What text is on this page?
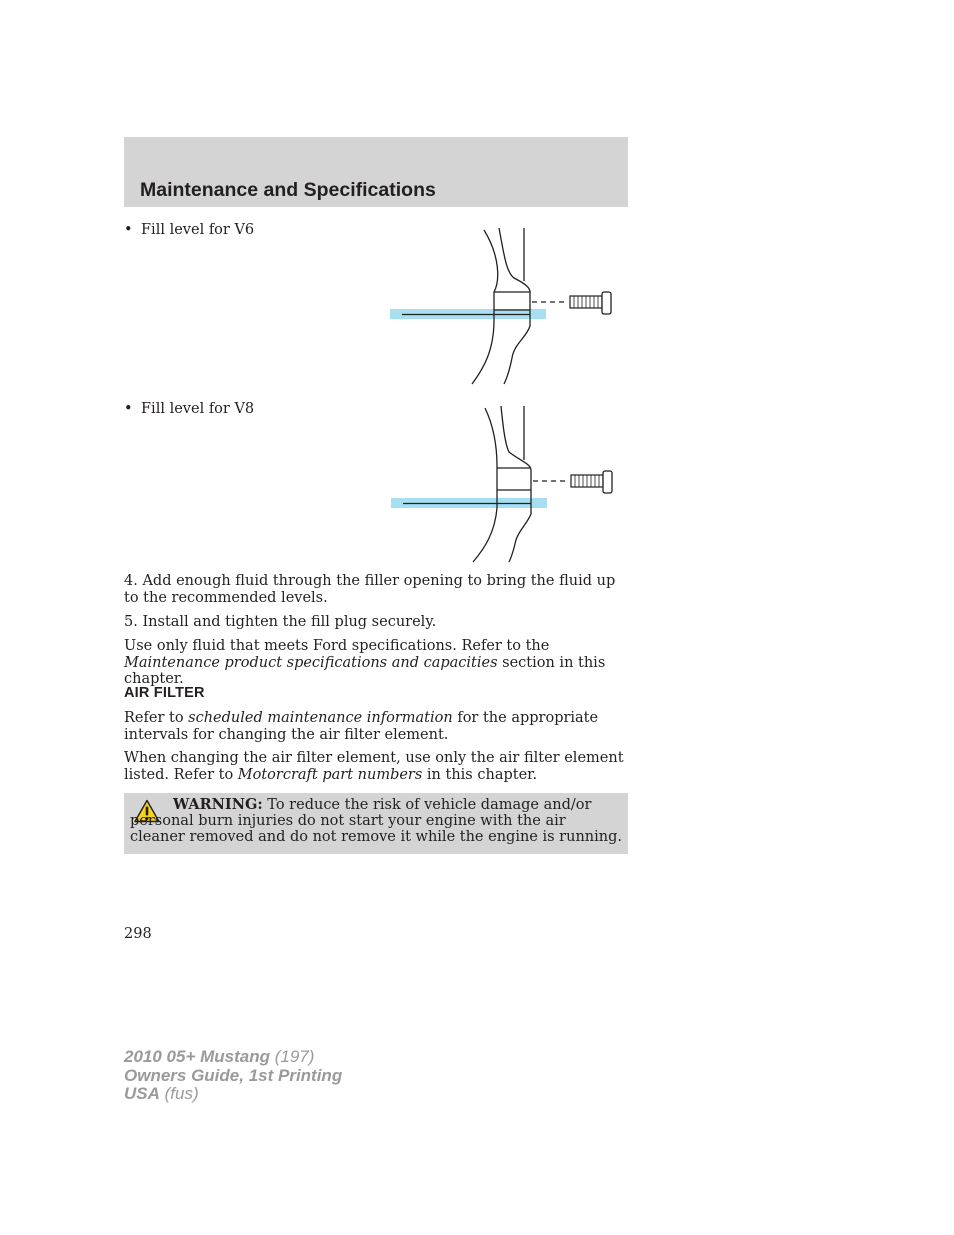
Maintenance and Specifications
• Fill level for V6
• Fill level for V8

4. Add enough fluid through the filler opening to bring the fluid up to the recommended levels.

5. Install and tighten the fill plug securely.

Use only fluid that meets Ford specifications. Refer to the Maintenance product specifications and capacities section in this chapter.

AIR FILTER

Refer to scheduled maintenance information for the appropriate intervals for changing the air filter element.

When changing the air filter element, use only the air filter element listed. Refer to Motorcraft part numbers in this chapter.

WARNING: To reduce the risk of vehicle damage and/or personal burn injuries do not start your engine with the air cleaner removed and do not remove it while the engine is running.

298

2010 05+ Mustang (197)
Owners Guide, 1st Printing
USA (fus)
